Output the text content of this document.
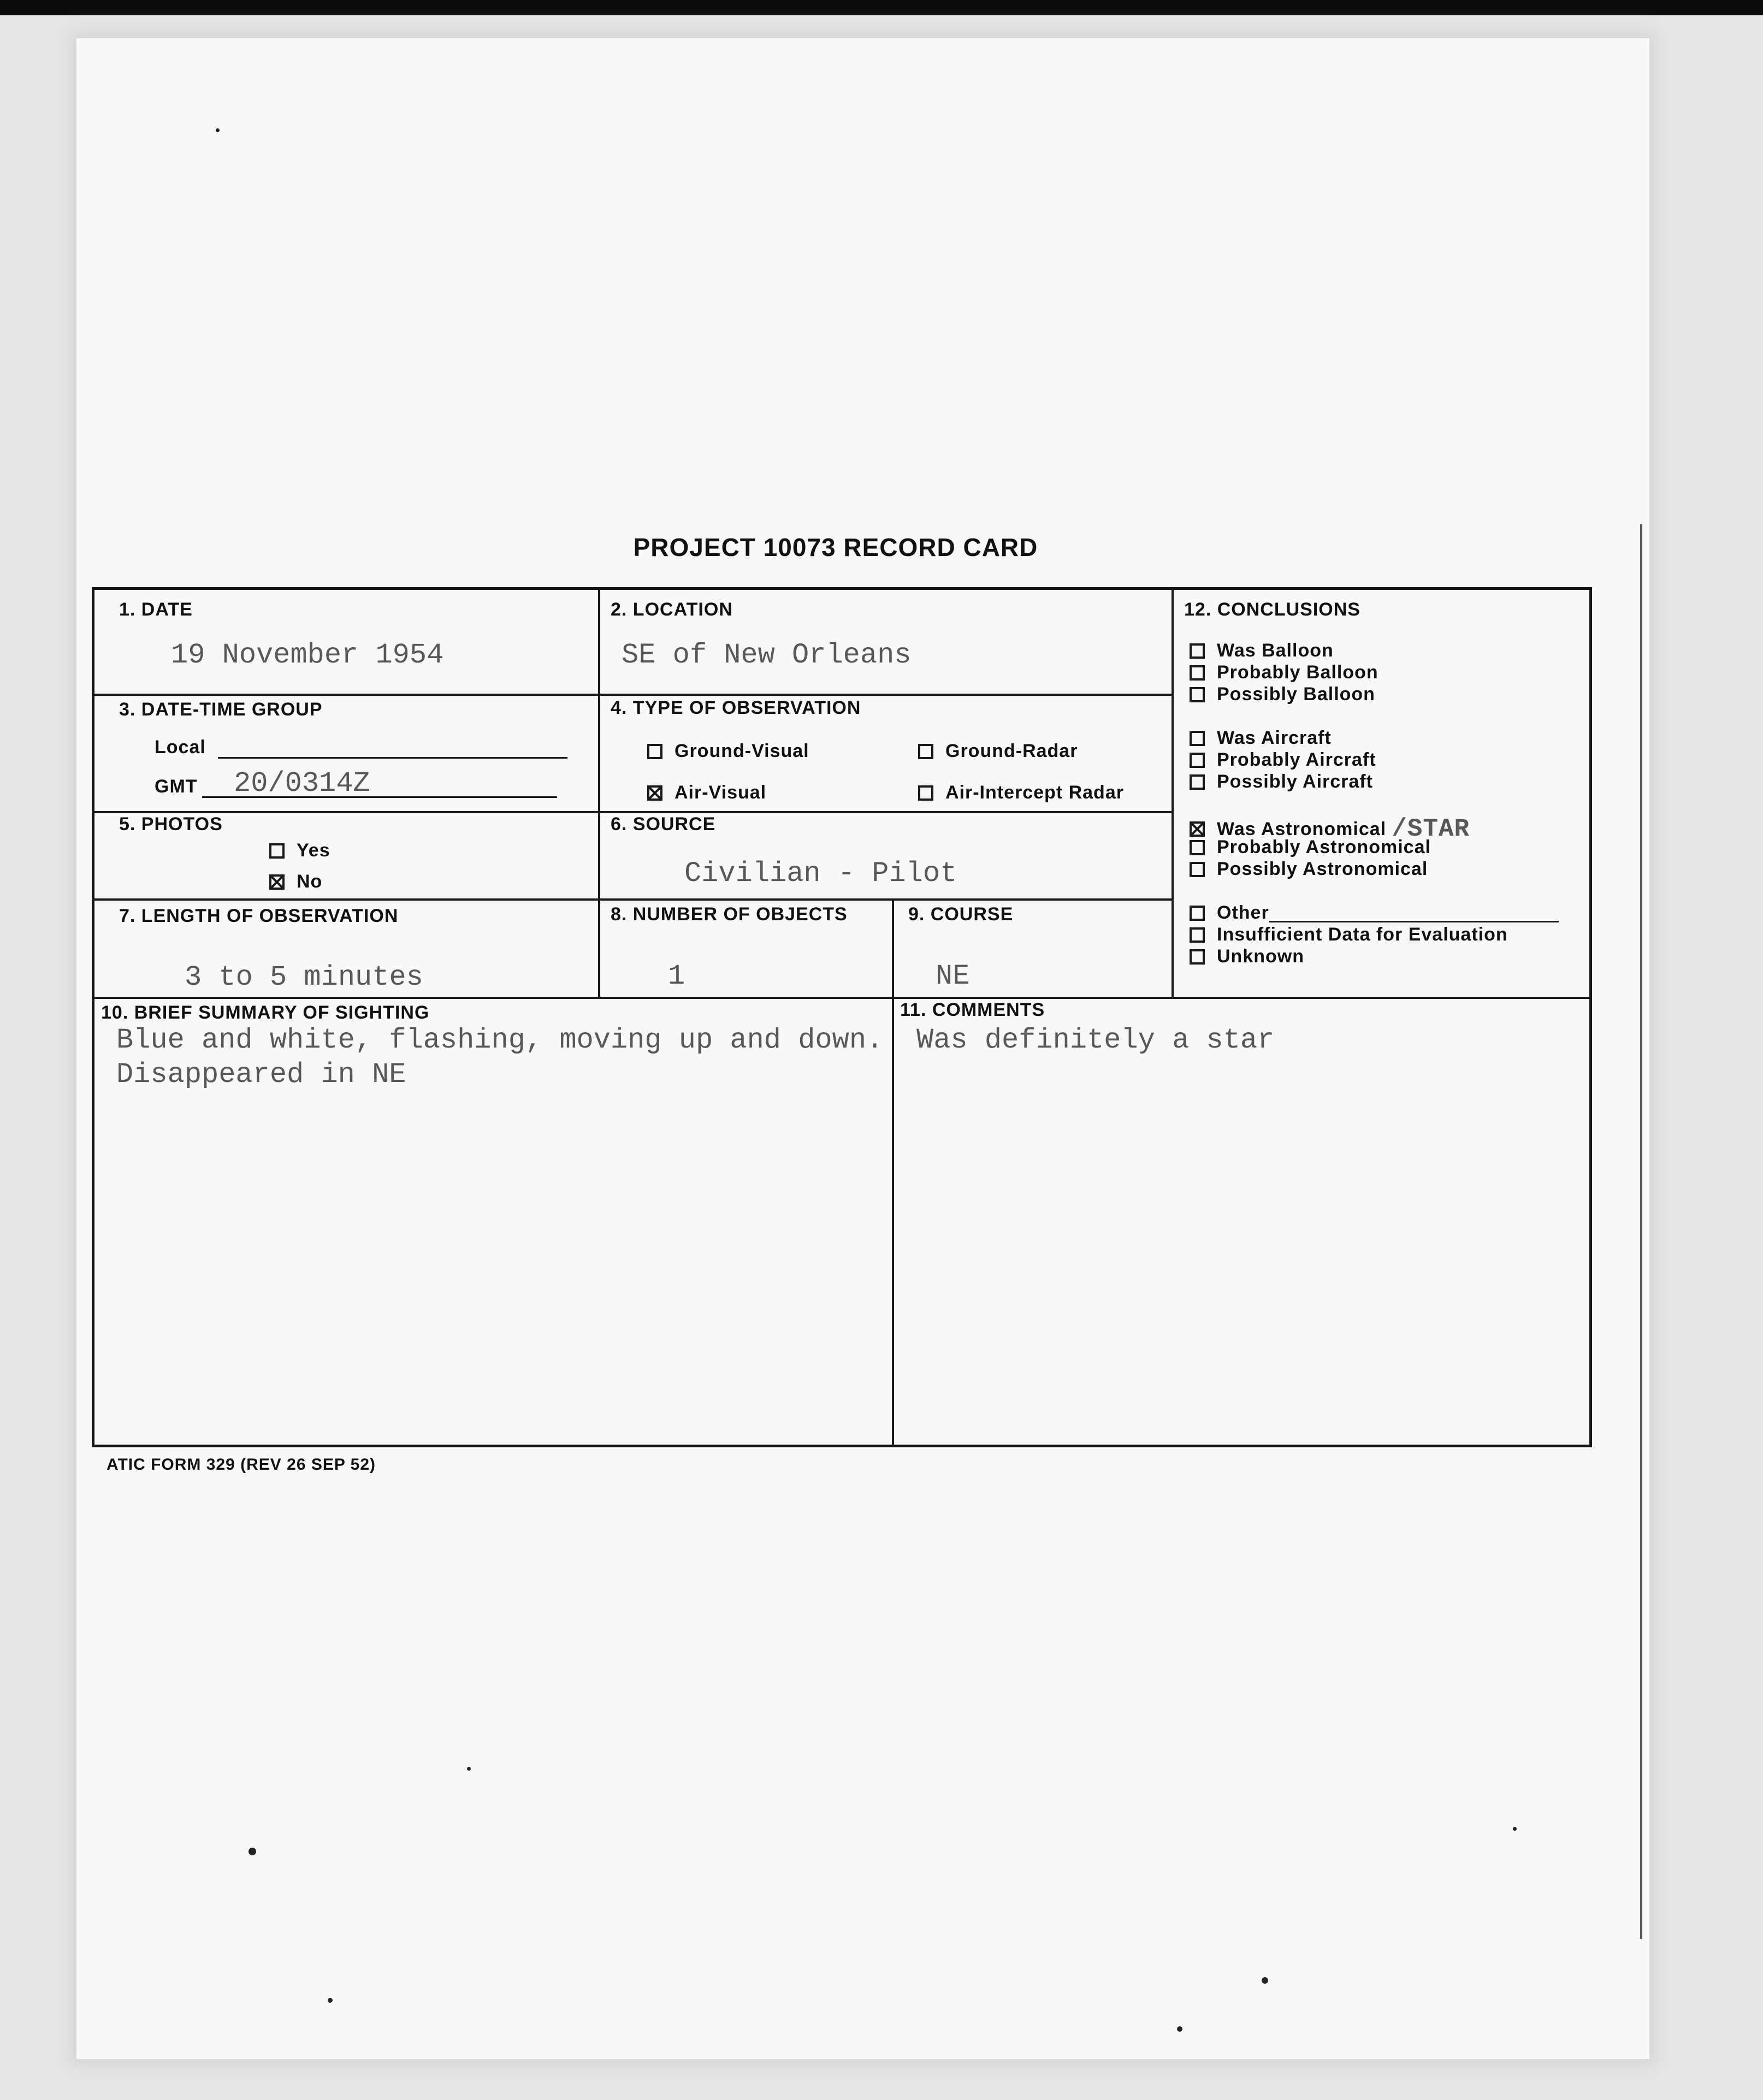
PROJECT 10073 RECORD CARD
1. DATE
19 November 1954
2. LOCATION
SE of New Orleans
3. DATE-TIME GROUP
Local
GMT 20/0314Z
4. TYPE OF OBSERVATION
Ground-Visual	Ground-Radar
Air-Visual	Air-Intercept Radar
5. PHOTOS
Yes
No
6. SOURCE
Civilian - Pilot
7. LENGTH OF OBSERVATION
3 to 5 minutes
8. NUMBER OF OBJECTS
1
9. COURSE
NE
10. BRIEF SUMMARY OF SIGHTING
Blue and white, flashing, moving up and down.
Disappeared in NE
11. COMMENTS
Was definitely a star
12. CONCLUSIONS
Was Balloon
Probably Balloon
Possibly Balloon
Was Aircraft
Probably Aircraft
Possibly Aircraft
Was Astronomical /STAR
Probably Astronomical
Possibly Astronomical
Other
Insufficient Data for Evaluation
Unknown
ATIC FORM 329 (REV 26 SEP 52)
